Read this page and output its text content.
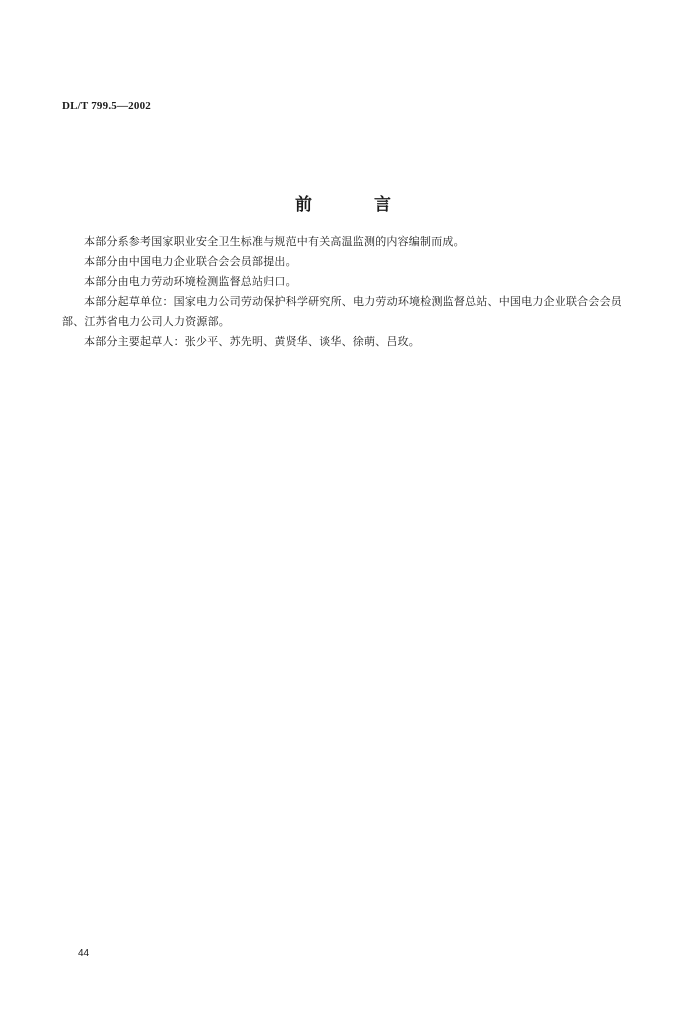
DL/T 799.5—2002
前	言

本部分系参考国家职业安全卫生标准与规范中有关高温监测的内容编制而成。

本部分由中国电力企业联合会会员部提出。

本部分由电力劳动环境检测监督总站归口。

本部分起草单位：国家电力公司劳动保护科学研究所、电力劳动环境检测监督总站、中国电力企业联合会会员部、江苏省电力公司人力资源部。

本部分主要起草人：张少平、苏先明、黄贤华、谈华、徐萌、吕玫。

44
